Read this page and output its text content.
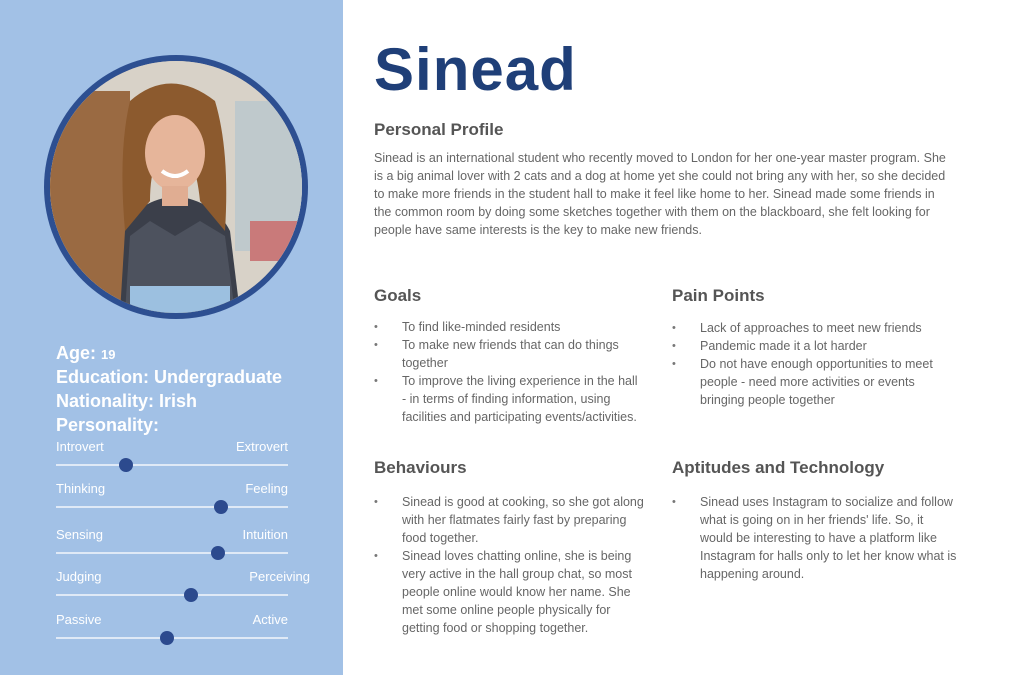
Age: 19
Education: Undergraduate
Nationality: Irish
Personality:
Introvert	Extrovert
Thinking	Feeling
Sensing	Intuition
Judging	Perceiving
Passive	Active
Sinead
Personal Profile
Sinead is an international student who recently moved to London for her one-year master program. She is a big animal lover with 2 cats and a dog at home yet she could not bring any with her, so she decided to make more friends in the student hall to make it feel like home to her. Sinead made some friends in the common room by doing some sketches together with them on the blackboard, she felt looking for people have same interests is the key to make new friends.
Goals
• To find like-minded residents
• To make new friends that can do things together
• To improve the living experience in the hall - in terms of finding information, using facilities and participating events/activities.
Pain Points
• Lack of approaches to meet new friends
• Pandemic made it a lot harder
• Do not have enough opportunities to meet people - need more activities or events bringing people together
Behaviours
• Sinead is good at cooking, so she got along with her flatmates fairly fast by preparing food together.
• Sinead loves chatting online, she is being very active in the hall group chat, so most people online would know her name. She met some online people physically for getting food or shopping together.
Aptitudes and Technology
• Sinead uses Instagram to socialize and follow what is going on in her friends' life. So, it would be interesting to have a platform like Instagram for halls only to let her know what is happening around.
